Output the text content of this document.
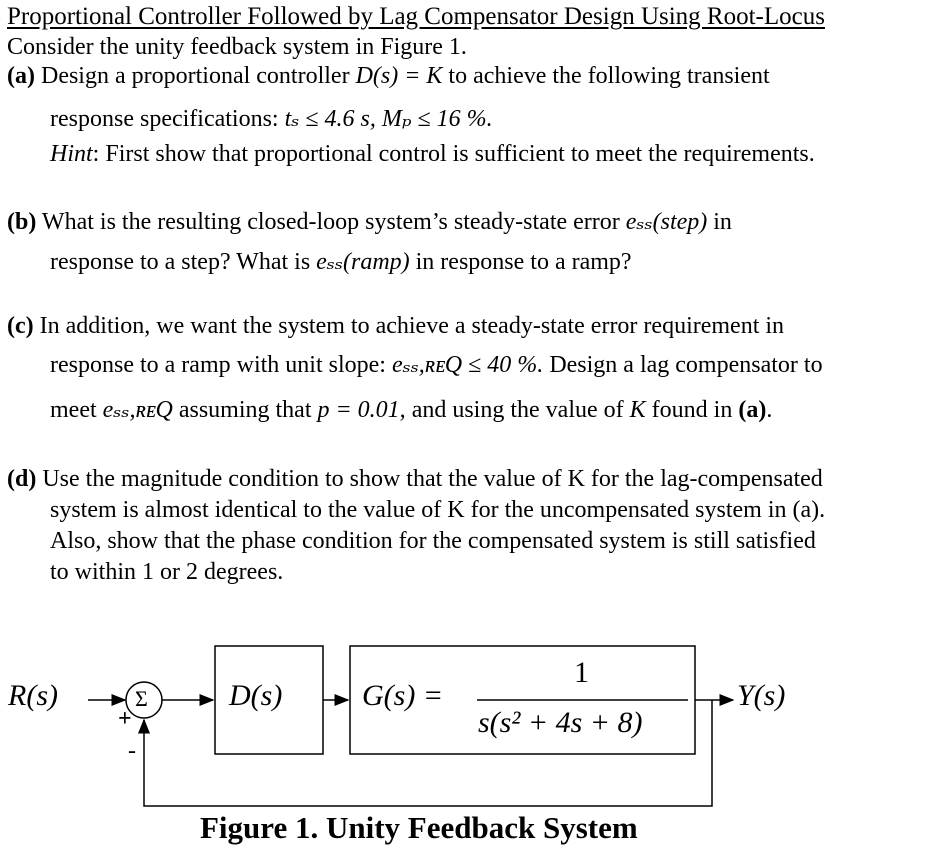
Proportional Controller Followed by Lag Compensator Design Using Root-Locus
Consider the unity feedback system in Figure 1.
(a) Design a proportional controller D(s) = K to achieve the following transient
response specifications: tₛ ≤ 4.6 s, Mₚ ≤ 16 %.
Hint: First show that proportional control is sufficient to meet the requirements.
(b) What is the resulting closed-loop system’s steady-state error eₛₛ(step) in
response to a step? What is eₛₛ(ramp) in response to a ramp?
(c) In addition, we want the system to achieve a steady-state error requirement in
response to a ramp with unit slope: eₛₛ,ʀᴇQ ≤ 40 %. Design a lag compensator to
meet eₛₛ,ʀᴇQ assuming that p = 0.01, and using the value of K found in (a).
(d) Use the magnitude condition to show that the value of K for the lag-compensated
system is almost identical to the value of K for the uncompensated system in (a).
Also, show that the phase condition for the compensated system is still satisfied
to within 1 or 2 degrees.
R(s)	Σ
+
-
D(s)	G(s) =
1
s(s² + 4s + 8)
Y(s)
Figure 1. Unity Feedback System
